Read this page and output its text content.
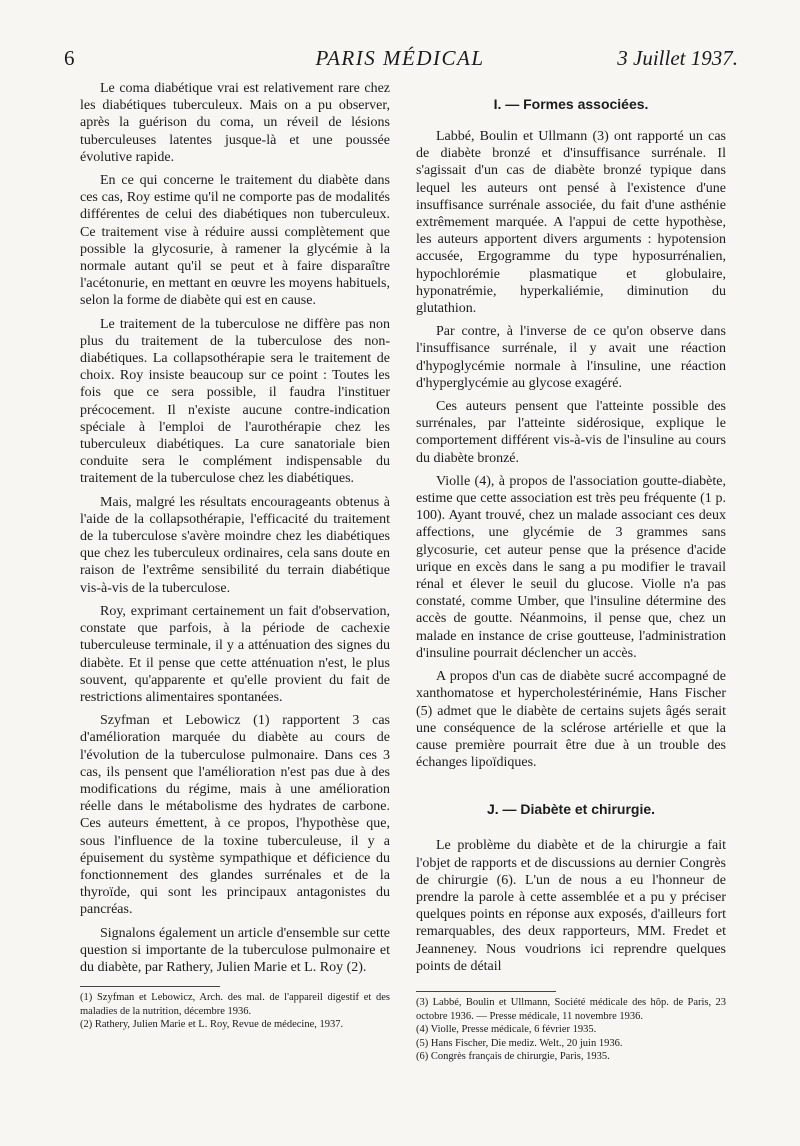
6	PARIS MÉDICAL	3 Juillet 1937.

Le coma diabétique vrai est relativement rare chez les diabétiques tuberculeux. Mais on a pu observer, après la guérison du coma, un réveil de lésions tuberculeuses latentes jusque-là et une poussée évolutive rapide.

En ce qui concerne le traitement du diabète dans ces cas, Roy estime qu'il ne comporte pas de modalités différentes de celui des diabétiques non tuberculeux. Ce traitement vise à réduire aussi complètement que possible la glycosurie, à ramener la glycémie à la normale autant qu'il se peut et à faire disparaître l'acétonurie, en mettant en œuvre les moyens habituels, selon la forme de diabète qui est en cause.

Le traitement de la tuberculose ne diffère pas non plus du traitement de la tuberculose des non-diabétiques. La collapsothérapie sera le traitement de choix. Roy insiste beaucoup sur ce point : Toutes les fois que ce sera possible, il faudra l'instituer précocement. Il n'existe aucune contre-indication spéciale à l'emploi de l'aurothérapie chez les tuberculeux diabétiques. La cure sanatoriale bien conduite sera le complément indispensable du traitement de la tuberculose chez les diabétiques.

Mais, malgré les résultats encourageants obtenus à l'aide de la collapsothérapie, l'efficacité du traitement de la tuberculose s'avère moindre chez les diabétiques que chez les tuberculeux ordinaires, cela sans doute en raison de l'extrême sensibilité du terrain diabétique vis-à-vis de la tuberculose.

Roy, exprimant certainement un fait d'observation, constate que parfois, à la période de cachexie tuberculeuse terminale, il y a atténuation des signes du diabète. Et il pense que cette atténuation n'est, le plus souvent, qu'apparente et qu'elle provient du fait de restrictions alimentaires spontanées.

Szyfman et Lebowicz (1) rapportent 3 cas d'amélioration marquée du diabète au cours de l'évolution de la tuberculose pulmonaire. Dans ces 3 cas, ils pensent que l'amélioration n'est pas due à des modifications du régime, mais à une amélioration réelle dans le métabolisme des hydrates de carbone. Ces auteurs émettent, à ce propos, l'hypothèse que, sous l'influence de la toxine tuberculeuse, il y a épuisement du système sympathique et déficience du fonctionnement des glandes surrénales et de la thyroïde, qui sont les principaux antagonistes du pancréas.

Signalons également un article d'ensemble sur cette question si importante de la tuberculose pulmonaire et du diabète, par Rathery, Julien Marie et L. Roy (2).

(1) Szyfman et Lebowicz, Arch. des mal. de l'appareil digestif et des maladies de la nutrition, décembre 1936.

(2) Rathery, Julien Marie et L. Roy, Revue de médecine, 1937.

I. — Formes associées.

Labbé, Boulin et Ullmann (3) ont rapporté un cas de diabète bronzé et d'insuffisance surrénale. Il s'agissait d'un cas de diabète bronzé typique dans lequel les auteurs ont pensé à l'existence d'une insuffisance surrénale associée, du fait d'une asthénie extrêmement marquée. A l'appui de cette hypothèse, les auteurs apportent divers arguments : hypotension accusée, Ergogramme du type hyposurrénalien, hypochlorémie plasmatique et globulaire, hyponatrémie, hyperkaliémie, diminution du glutathion.

Par contre, à l'inverse de ce qu'on observe dans l'insuffisance surrénale, il y avait une réaction d'hypoglycémie normale à l'insuline, une réaction d'hyperglycémie au glycose exagéré.

Ces auteurs pensent que l'atteinte possible des surrénales, par l'atteinte sidérosique, explique le comportement différent vis-à-vis de l'insuline au cours du diabète bronzé.

Violle (4), à propos de l'association goutte-diabète, estime que cette association est très peu fréquente (1 p. 100). Ayant trouvé, chez un malade associant ces deux affections, une glycémie de 3 grammes sans glycosurie, cet auteur pense que la présence d'acide urique en excès dans le sang a pu modifier le travail rénal et élever le seuil du glucose. Violle n'a pas constaté, comme Umber, que l'insuline détermine des accès de goutte. Néanmoins, il pense que, chez un malade en instance de crise goutteuse, l'administration d'insuline pourrait déclencher un accès.

A propos d'un cas de diabète sucré accompagné de xanthomatose et hypercholestérinémie, Hans Fischer (5) admet que le diabète de certains sujets âgés serait une conséquence de la sclérose artérielle et que la cause première pourrait être due à un trouble des échanges lipoïdiques.

J. — Diabète et chirurgie.

Le problème du diabète et de la chirurgie a fait l'objet de rapports et de discussions au dernier Congrès de chirurgie (6). L'un de nous a eu l'honneur de prendre la parole à cette assemblée et a pu y préciser quelques points en réponse aux exposés, d'ailleurs fort remarquables, des deux rapporteurs, MM. Fredet et Jeanneney. Nous voudrions ici reprendre quelques points de détail

(3) Labbé, Boulin et Ullmann, Société médicale des hôp. de Paris, 23 octobre 1936. — Presse médicale, 11 novembre 1936.

(4) Violle, Presse médicale, 6 février 1935.

(5) Hans Fischer, Die mediz. Welt., 20 juin 1936.

(6) Congrès français de chirurgie, Paris, 1935.
